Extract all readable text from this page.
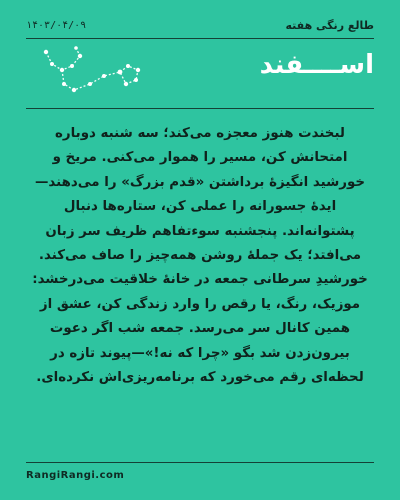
۱۴۰۳/۰۴/۰۹	طالع رنگی هفته
اســــفند
لبخندت هنوز معجزه می‌کند؛ سه شنبه دوباره امتحانش کن، مسیر را هموار می‌کنی. مریخ و خورشید انگیزهٔ برداشتن «قدم بزرگ» را می‌دهند—ایدهٔ جسورانه را عملی کن، ستاره‌ها دنبال پشتوانه‌اند. پنجشنبه سوءتفاهم ظریف سر زبان می‌افتد؛ یک جملهٔ روشن همه‌چیز را صاف می‌کند. خورشیدِ سرطانی جمعه در خانهٔ خلاقیت می‌درخشد: موزیک، رنگ، یا رقص را وارد زندگی کن، عشق از همین کانال سر می‌رسد. جمعه شب اگر دعوت بیرون‌زدن شد بگو «چرا که نه!»—پیوند تازه در لحظه‌ای رقم می‌خورد که برنامه‌ریزی‌اش نکرده‌ای.
RangiRangi.com
